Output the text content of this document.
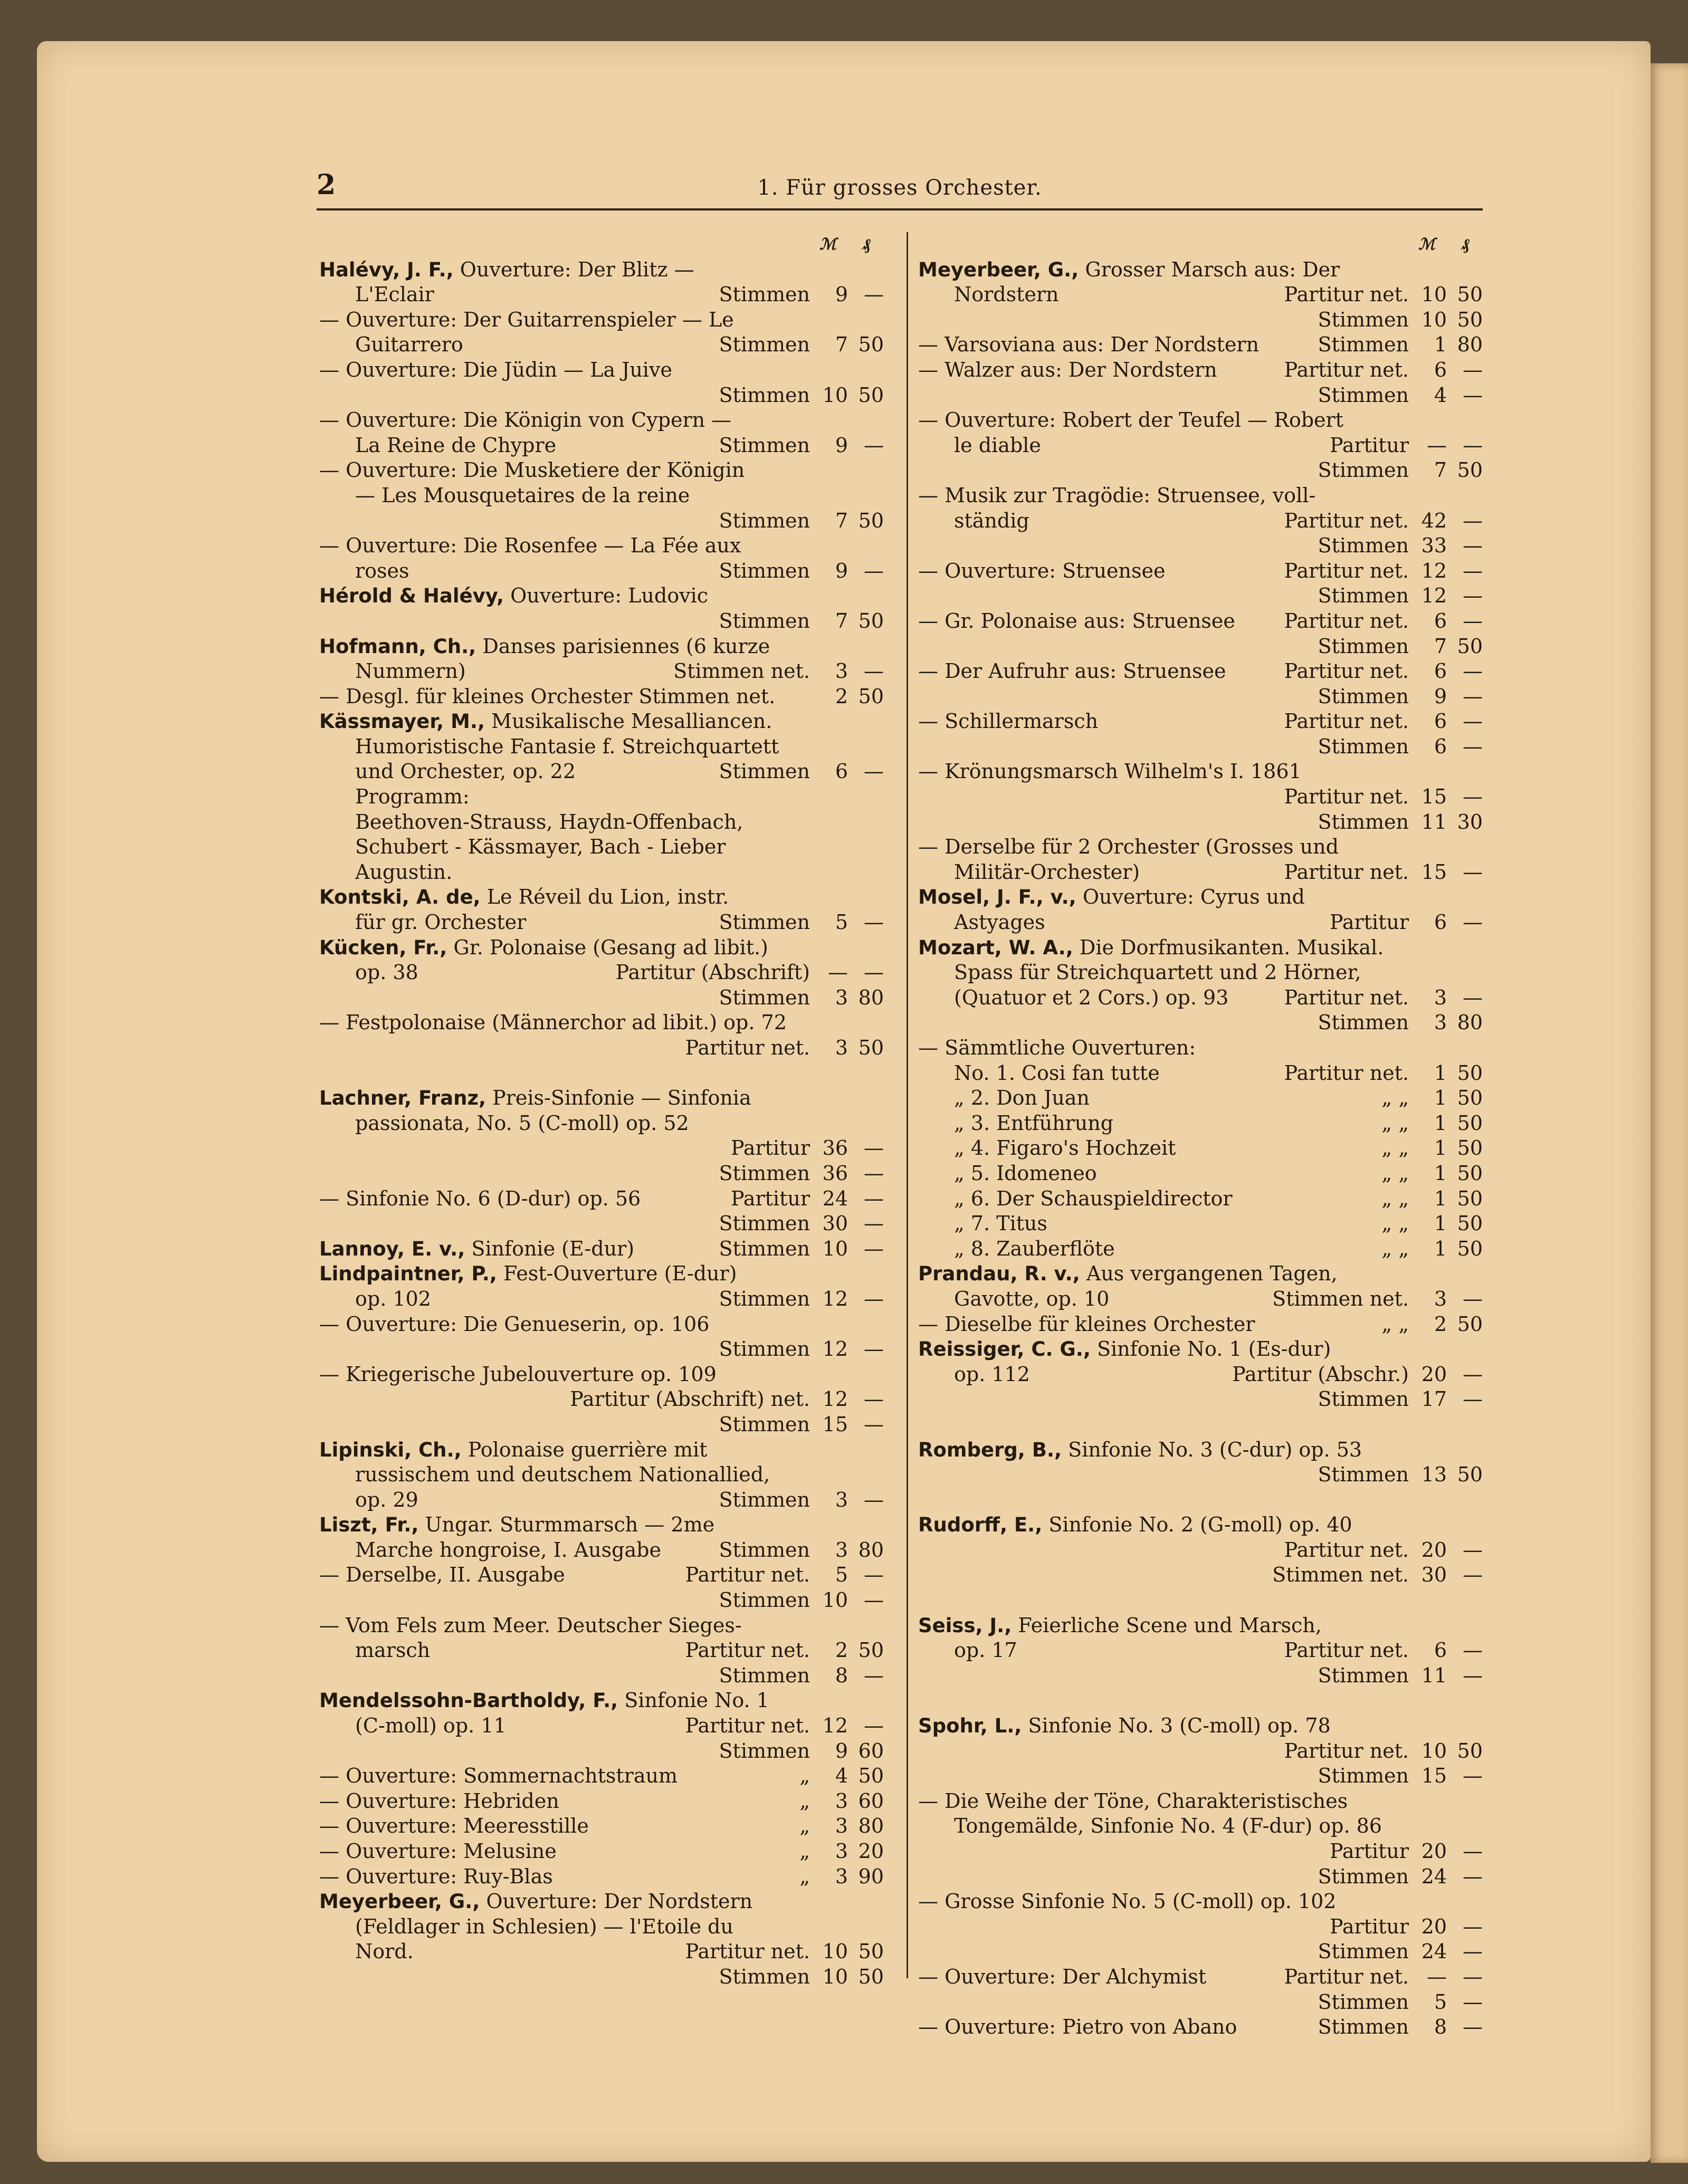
2	1. Für grosses Orchester.
ℳ ₰
Halévy, J. F., Ouverture: Der Blitz —
L'Eclair	Stimmen	9 —
— Ouverture: Der Guitarrenspieler — Le
Guitarrero	Stimmen	7 50
— Ouverture: Die Jüdin — La Juive
Stimmen 10 50
— Ouverture: Die Königin von Cypern —
La Reine de Chypre	Stimmen	9 —
— Ouverture: Die Musketiere der Königin
— Les Mousquetaires de la reine
Stimmen	7 50
— Ouverture: Die Rosenfee — La Fée aux
roses	Stimmen	9 —
Hérold & Halévy, Ouverture: Ludovic
Stimmen	7 50
Hofmann, Ch., Danses parisiennes (6 kurze
Nummern)	Stimmen net.	3 —
— Desgl. für kleines Orchester Stimmen net.	2 50
Kässmayer, M., Musikalische Mesalliancen.
Humoristische Fantasie f. Streichquartett
und Orchester, op. 22	Stimmen	6 —
Programm:
Beethoven-Strauss, Haydn-Offenbach,
Schubert - Kässmayer, Bach - Lieber
Augustin.
Kontski, A. de, Le Réveil du Lion, instr.
für gr. Orchester	Stimmen	5 —
Kücken, Fr., Gr. Polonaise (Gesang ad libit.)
op. 38	Partitur (Abschrift) — —
Stimmen	3 80
— Festpolonaise (Männerchor ad libit.) op. 72
Partitur net.	3 50
Lachner, Franz, Preis-Sinfonie — Sinfonia
passionata, No. 5 (C-moll) op. 52
Partitur 36 —
Stimmen 36 —
— Sinfonie No. 6 (D-dur) op. 56	Partitur 24 —
Stimmen 30 —
Lannoy, E. v., Sinfonie (E-dur)	Stimmen 10 —
Lindpaintner, P., Fest-Ouverture (E-dur)
op. 102	Stimmen 12 —
— Ouverture: Die Genueserin, op. 106
Stimmen 12 —
— Kriegerische Jubelouverture op. 109
Partitur (Abschrift) net. 12 —
Stimmen 15 —
Lipinski, Ch., Polonaise guerrière mit
russischem und deutschem Nationallied,
op. 29	Stimmen	3 —
Liszt, Fr., Ungar. Sturmmarsch — 2me
Marche hongroise, I. Ausgabe	Stimmen	3 80
— Derselbe, II. Ausgabe	Partitur net.	5 —
Stimmen 10 —
— Vom Fels zum Meer. Deutscher Sieges-
marsch	Partitur net.	2 50
Stimmen	8 —
Mendelssohn-Bartholdy, F., Sinfonie No. 1
(C-moll) op. 11	Partitur net. 12 —
Stimmen	9 60
— Ouverture: Sommernachtstraum	„	4 50
— Ouverture: Hebriden	„	3 60
— Ouverture: Meeresstille	„	3 80
— Ouverture: Melusine	„	3 20
— Ouverture: Ruy-Blas	„	3 90
Meyerbeer, G., Ouverture: Der Nordstern
(Feldlager in Schlesien) — l'Etoile du
Nord.	Partitur net. 10 50
Stimmen 10 50
ℳ ₰
Meyerbeer, G., Grosser Marsch aus: Der
Nordstern	Partitur net. 10 50
Stimmen 10 50
— Varsoviana aus: Der Nordstern	Stimmen	1 80
— Walzer aus: Der Nordstern	Partitur net.	6 —
Stimmen	4 —
— Ouverture: Robert der Teufel — Robert
le diable	Partitur — —
Stimmen	7 50
— Musik zur Tragödie: Struensee, voll-
ständig	Partitur net. 42 —
Stimmen 33 —
— Ouverture: Struensee	Partitur net. 12 —
Stimmen 12 —
— Gr. Polonaise aus: Struensee	Partitur net.	6 —
Stimmen	7 50
— Der Aufruhr aus: Struensee	Partitur net.	6 —
Stimmen	9 —
— Schillermarsch	Partitur net.	6 —
Stimmen	6 —
— Krönungsmarsch Wilhelm's I. 1861
Partitur net. 15 —
Stimmen 11 30
— Derselbe für 2 Orchester (Grosses und
Militär-Orchester)	Partitur net. 15 —
Mosel, J. F., v., Ouverture: Cyrus und
Astyages	Partitur	6 —
Mozart, W. A., Die Dorfmusikanten. Musikal.
Spass für Streichquartett und 2 Hörner,
(Quatuor et 2 Cors.) op. 93	Partitur net.	3 —
Stimmen	3 80
— Sämmtliche Ouverturen:
No. 1. Cosi fan tutte	Partitur net.	1 50
„ 2. Don Juan	„ „	1 50
„ 3. Entführung	„ „	1 50
„ 4. Figaro's Hochzeit	„ „	1 50
„ 5. Idomeneo	„ „	1 50
„ 6. Der Schauspieldirector	„ „	1 50
„ 7. Titus	„ „	1 50
„ 8. Zauberflöte	„ „	1 50
Prandau, R. v., Aus vergangenen Tagen,
Gavotte, op. 10	Stimmen net.	3 —
— Dieselbe für kleines Orchester	„ „	2 50
Reissiger, C. G., Sinfonie No. 1 (Es-dur)
op. 112	Partitur (Abschr.) 20 —
Stimmen 17 —
Romberg, B., Sinfonie No. 3 (C-dur) op. 53
Stimmen 13 50
Rudorff, E., Sinfonie No. 2 (G-moll) op. 40
Partitur net. 20 —
Stimmen net. 30 —
Seiss, J., Feierliche Scene und Marsch,
op. 17	Partitur net.	6 —
Stimmen 11 —
Spohr, L., Sinfonie No. 3 (C-moll) op. 78
Partitur net. 10 50
Stimmen 15 —
— Die Weihe der Töne, Charakteristisches
Tongemälde, Sinfonie No. 4 (F-dur) op. 86
Partitur 20 —
Stimmen 24 —
— Grosse Sinfonie No. 5 (C-moll) op. 102
Partitur 20 —
Stimmen 24 —
— Ouverture: Der Alchymist	Partitur net. — —
Stimmen	5 —
— Ouverture: Pietro von Abano	Stimmen	8 —
